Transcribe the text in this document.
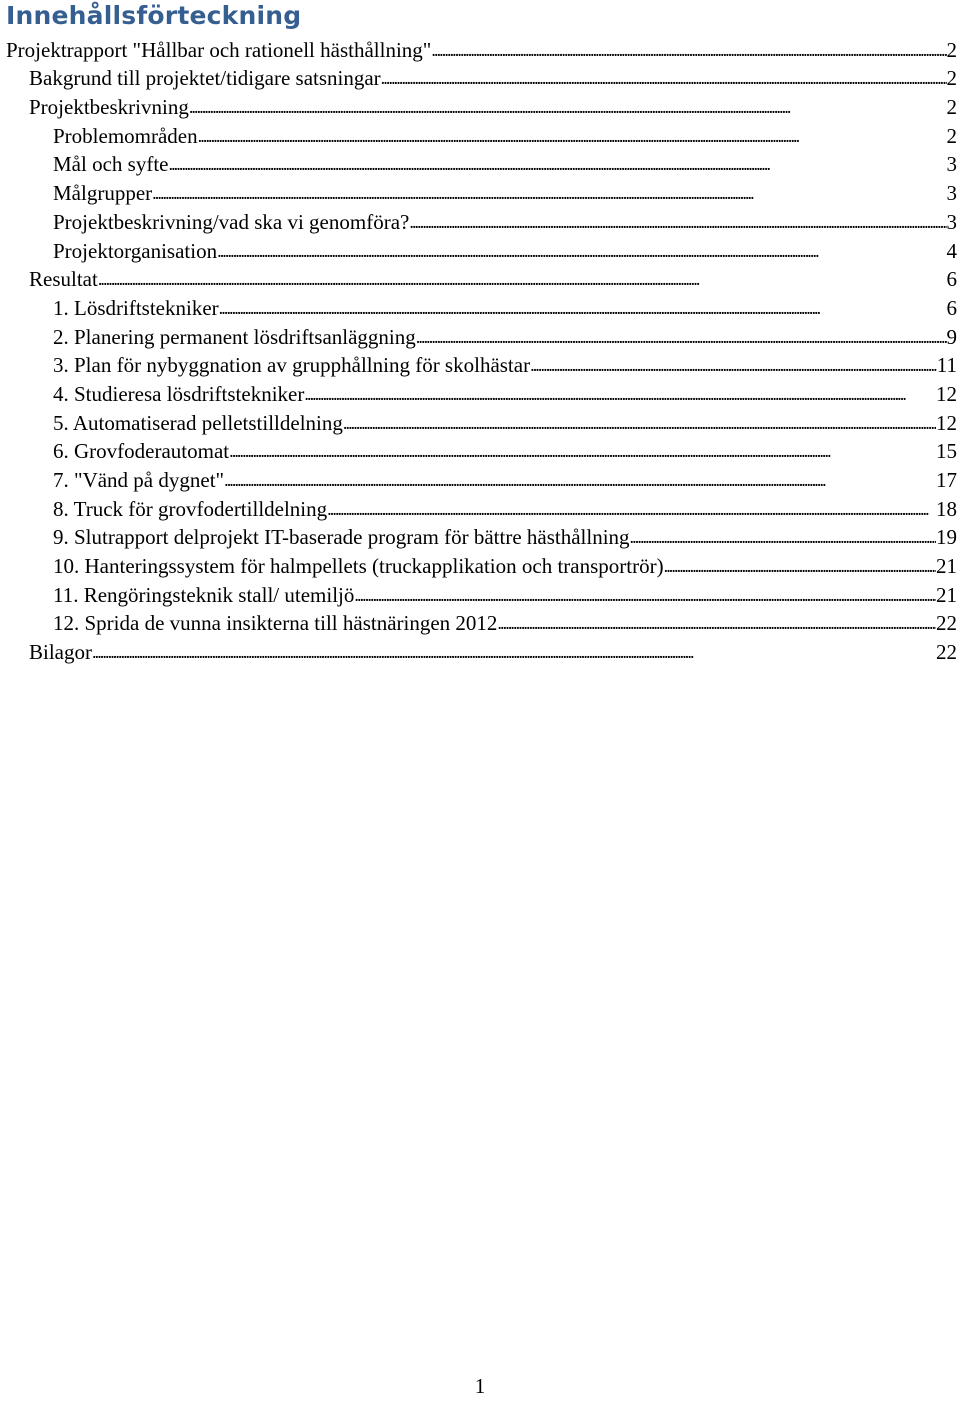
Innehållsförteckning
Projektrapport "Hållbar och rationell hästhållning" . . .	2
Bakgrund till projektet/tidigare satsningar . . .	2
Projektbeskrivning . . .	2
Problemområden . . .	2
Mål och syfte . . .	3
Målgrupper . . .	3
Projektbeskrivning/vad ska vi genomföra? . . .	3
Projektorganisation . . .	4
Resultat . . .	6
1. Lösdriftstekniker . . .	6
2. Planering permanent lösdriftsanläggning . . .	9
3. Plan för nybyggnation av grupphållning för skolhästar . . .	11
4. Studieresa lösdriftstekniker . . .	12
5. Automatiserad pelletstilldelning . . .	12
6. Grovfoderautomat . . .	15
7. "Vänd på dygnet" . . .	17
8. Truck för grovfodertilldelning . . .	18
9. Slutrapport delprojekt IT-baserade program för bättre hästhållning . . .	19
10. Hanteringssystem för halmpellets (truckapplikation och transportrör) . . .	21
11. Rengöringsteknik stall/ utemiljö . . .	21
12. Sprida de vunna insikterna till hästnäringen 2012 . . .	22
Bilagor . . .	22
1
